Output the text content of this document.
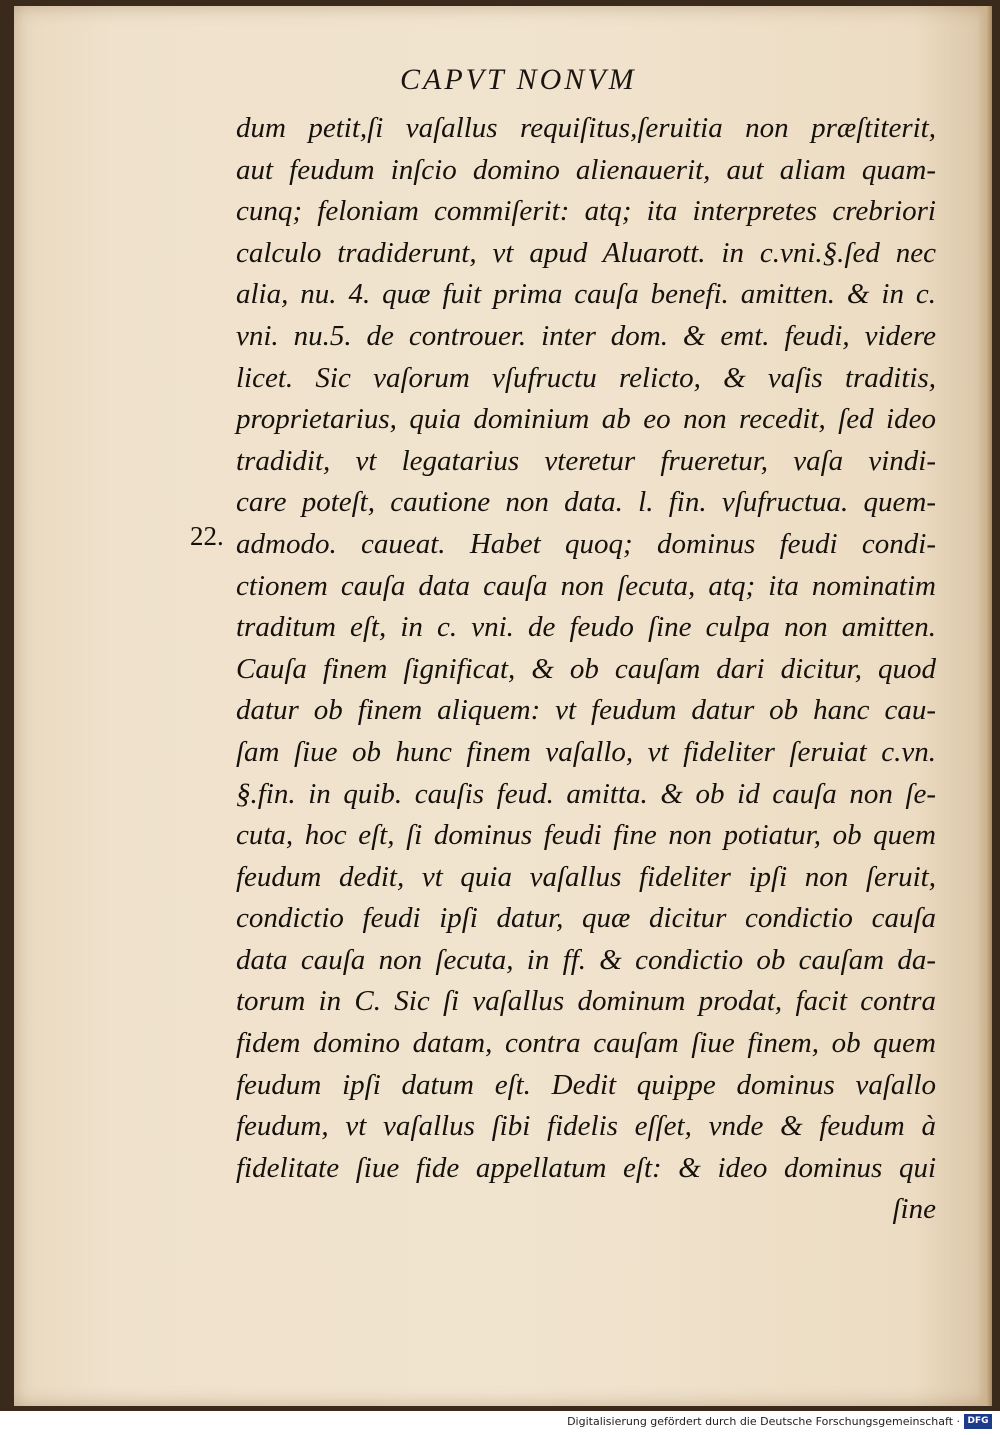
CAPVT NONVM
22.
dum petit,ſi vaſallus requiſitus,ſeruitia non præſtiterit,
aut feudum inſcio domino alienauerit, aut aliam quam-
cunq; feloniam commiſerit: atq; ita interpretes crebriori
calculo tradiderunt, vt apud Aluarott. in c.vni.§.ſed nec
alia, nu. 4. quæ fuit prima cauſa benefi. amitten. & in c.
vni. nu.5. de controuer. inter dom. & emt. feudi, videre
licet. Sic vaſorum vſufructu relicto, & vaſis traditis,
proprietarius, quia dominium ab eo non recedit, ſed ideo
tradidit, vt legatarius vteretur frueretur, vaſa vindi-
care poteſt, cautione non data. l. fin. vſufructua. quem-
admodo. caueat. Habet quoq; dominus feudi condi-
ctionem cauſa data cauſa non ſecuta, atq; ita nominatim
traditum eſt, in c. vni. de feudo ſine culpa non amitten.
Cauſa finem ſignificat, & ob cauſam dari dicitur, quod
datur ob finem aliquem: vt feudum datur ob hanc cau-
ſam ſiue ob hunc finem vaſallo, vt fideliter ſeruiat c.vn.
§.fin. in quib. cauſis feud. amitta. & ob id cauſa non ſe-
cuta, hoc eſt, ſi dominus feudi fine non potiatur, ob quem
feudum dedit, vt quia vaſallus fideliter ipſi non ſeruit,
condictio feudi ipſi datur, quæ dicitur condictio cauſa
data cauſa non ſecuta, in ff. & condictio ob cauſam da-
torum in C. Sic ſi vaſallus dominum prodat, facit contra
fidem domino datam, contra cauſam ſiue finem, ob quem
feudum ipſi datum eſt. Dedit quippe dominus vaſallo
feudum, vt vaſallus ſibi fidelis eſſet, vnde & feudum à
fidelitate ſiue fide appellatum eſt: & ideo dominus qui
ſine
Digitalisierung gefördert durch die Deutsche Forschungsgemeinschaft · DFG
